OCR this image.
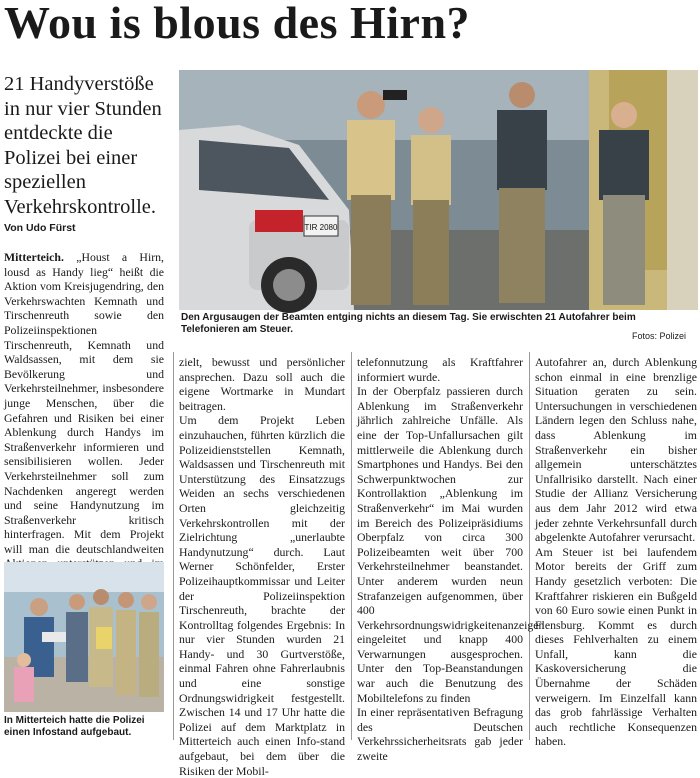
Wou is blous des Hirn?
21 Handyverstöße in nur vier Stunden entdeckte die Polizei bei einer speziellen Verkehrskontrolle.
Von Udo Fürst	TIR 2080
Den Argusaugen der Beamten entging nichts an diesem Tag. Sie erwischten 21 Autofahrer beim Telefonieren am Steuer.
Fotos: Polizei
Mitterteich. „Houst a Hirn, lousd as Handy lieg“ heißt die Aktion vom Kreisjugendring, den Verkehrswachten Kemnath und Tirschenreuth sowie den Polizeiinspektionen Tirschenreuth, Kemnath und Waldsassen, mit dem sie Bevölkerung und Verkehrsteilnehmer, insbesondere junge Menschen, über die Gefahren und Risiken bei einer Ablenkung durch Handys im Straßenverkehr informieren und sensibilisieren wollen. Jeder Verkehrsteilnehmer soll zum Nachdenken angeregt werden und seine Handynutzung im Straßenverkehr kritisch hinterfragen. Mit dem Projekt will man die deutschlandweiten
In Mitterteich hatte die Polizei einen Infostand aufgebaut.
zielt, bewusst und persönlicher ansprechen. Dazu soll auch die eigene Wortmarke in Mundart beitragen.
Um dem Projekt Leben einzuhauchen, führten kürzlich die Polizeidienststellen Kemnath, Waldsassen und Tirschenreuth mit Unterstützung des Einsatzzugs Weiden an sechs verschiedenen Orten gleichzeitig Verkehrskontrollen mit der Zielrichtung „unerlaubte Handynutzung“ durch. Laut Werner Schönfelder, Erster Polizeihauptkommissar und Leiter der Polizeiinspektion Tirschenreuth, brachte der Kontrolltag folgendes Ergebnis: In nur vier Stunden wurden 21 Handy- und 30 Gurtverstöße, einmal Fahren ohne Fahrerlaubnis und eine sonstige Ordnungswidrigkeit festgestellt. Zwischen 14 und 17 Uhr hatte die Polizei auf dem Marktplatz in Mitterteich auch einen Info-stand aufgebaut, bei dem über die Risiken der Mobil-
telefonnutzung als Kraftfahrer informiert wurde.
In der Oberpfalz passieren durch Ablenkung im Straßenverkehr jährlich zahlreiche Unfälle. Als eine der Top-Unfallursachen gilt mittlerweile die Ablenkung durch Smartphones und Handys. Bei den Schwerpunktwochen zur Kontrollaktion „Ablenkung im Straßenverkehr“ im Mai wurden im Bereich des Polizeipräsidiums Oberpfalz von circa 300 Polizeibeamten weit über 700 Verkehrsteilnehmer beanstandet. Unter anderem wurden neun Strafanzeigen aufgenommen, über 400 Verkehrsordnungswidrigkeitenanzeigen eingeleitet und knapp 400 Verwarnungen ausgesprochen. Unter den Top-Beanstandungen war auch die Benutzung des Mobiltelefons zu finden
In einer repräsentativen Befragung des Deutschen Verkehrssicherheitsrats gab jeder zweite
Autofahrer an, durch Ablenkung schon einmal in eine brenzlige Situation geraten zu sein. Untersuchungen in verschiedenen Ländern legen den Schluss nahe, dass Ablenkung im Straßenverkehr ein bisher allgemein unterschätztes Unfallrisiko darstellt. Nach einer Studie der Allianz Versicherung aus dem Jahr 2012 wird etwa jeder zehnte Verkehrsunfall durch abgelenkte Autofahrer verursacht.
Am Steuer ist bei laufendem Motor bereits der Griff zum Handy gesetzlich verboten: Die Kraftfahrer riskieren ein Bußgeld von 60 Euro sowie einen Punkt in Flensburg. Kommt es durch dieses Fehlverhalten zu einem Unfall, kann die Kaskoversicherung die Übernahme der Schäden verweigern. Im Einzelfall kann das grob fahrlässige Verhalten auch rechtliche Konsequenzen haben.
